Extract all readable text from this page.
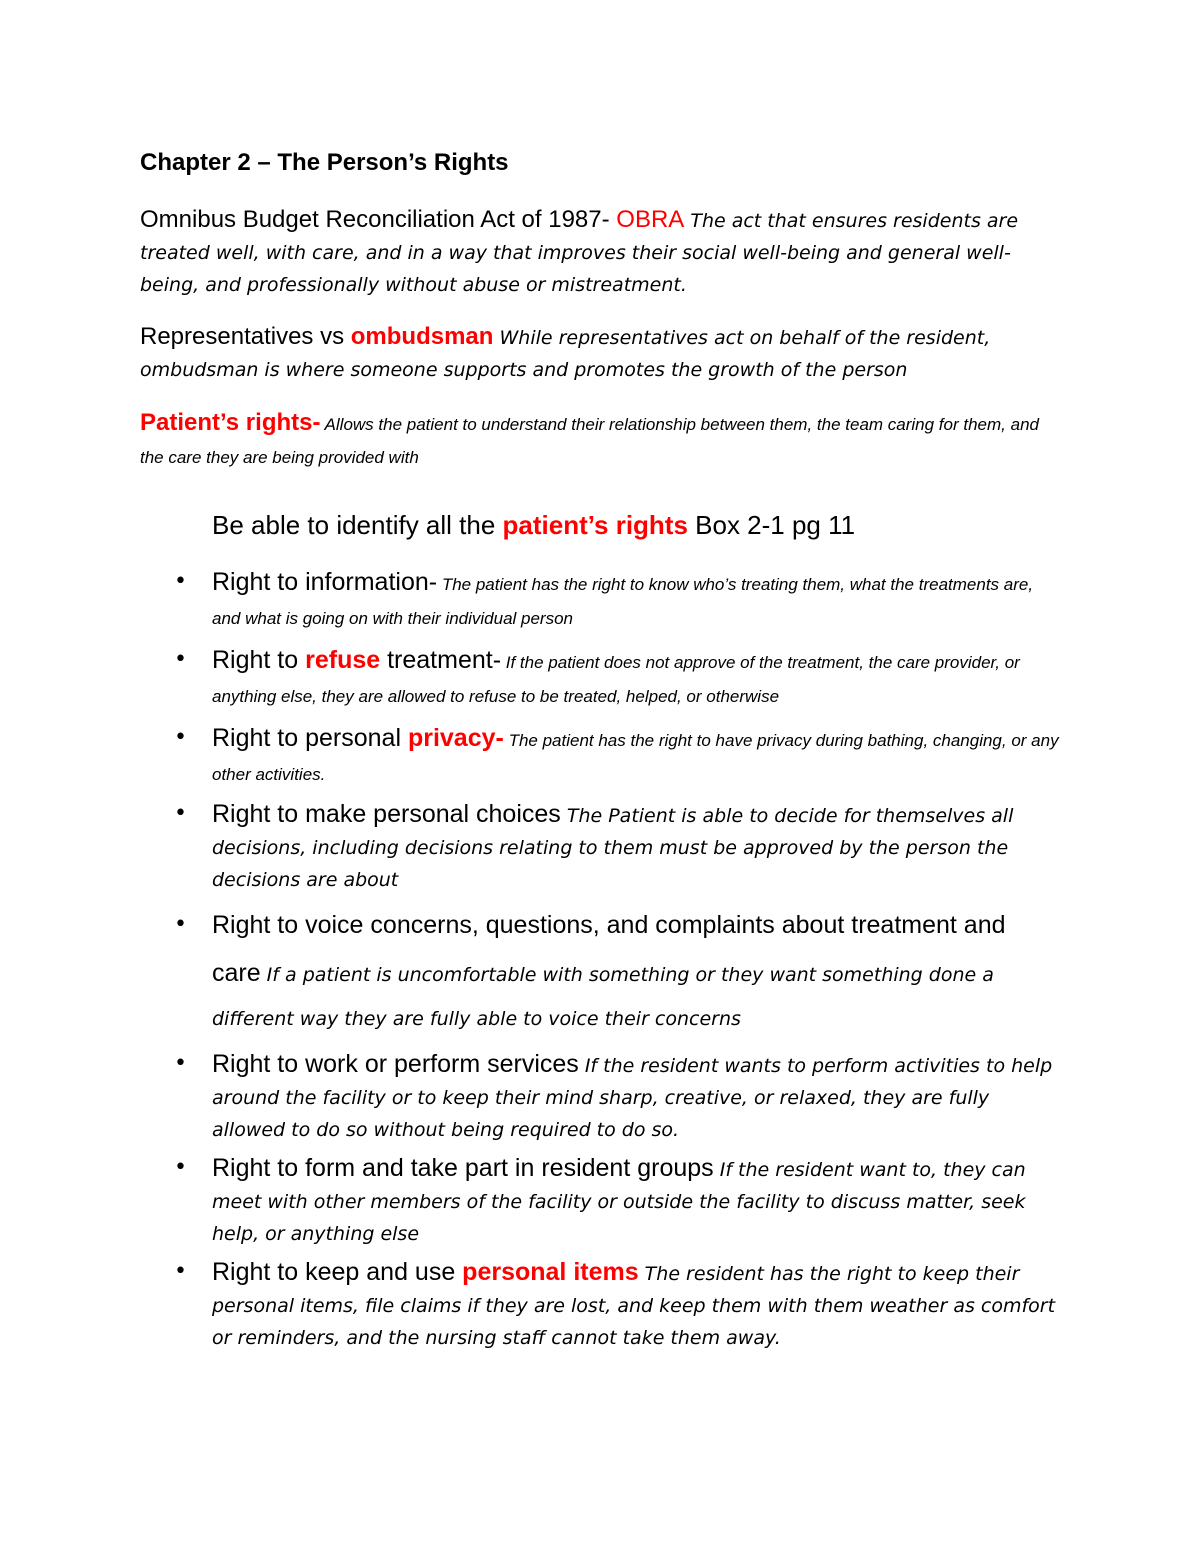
Chapter 2 – The Person’s Rights

Omnibus Budget Reconciliation Act of 1987- OBRA The act that ensures residents are treated well, with care, and in a way that improves their social well-being and general well-being, and professionally without abuse or mistreatment.

Representatives vs ombudsman While representatives act on behalf of the resident, ombudsman is where someone supports and promotes the growth of the person

Patient’s rights- Allows the patient to understand their relationship between them, the team caring for them, and the care they are being provided with

Be able to identify all the patient’s rights Box 2-1 pg 11

• Right to information- The patient has the right to know who’s treating them, what the treatments are, and what is going on with their individual person
• Right to refuse treatment- If the patient does not approve of the treatment, the care provider, or anything else, they are allowed to refuse to be treated, helped, or otherwise
• Right to personal privacy- The patient has the right to have privacy during bathing, changing, or any other activities.
• Right to make personal choices The Patient is able to decide for themselves all decisions, including decisions relating to them must be approved by the person the decisions are about
• Right to voice concerns, questions, and complaints about treatment and care If a patient is uncomfortable with something or they want something done a different way they are fully able to voice their concerns
• Right to work or perform services If the resident wants to perform activities to help around the facility or to keep their mind sharp, creative, or relaxed, they are fully allowed to do so without being required to do so.
• Right to form and take part in resident groups If the resident want to, they can meet with other members of the facility or outside the facility to discuss matter, seek help, or anything else
• Right to keep and use personal items The resident has the right to keep their personal items, file claims if they are lost, and keep them with them weather as comfort or reminders, and the nursing staff cannot take them away.
